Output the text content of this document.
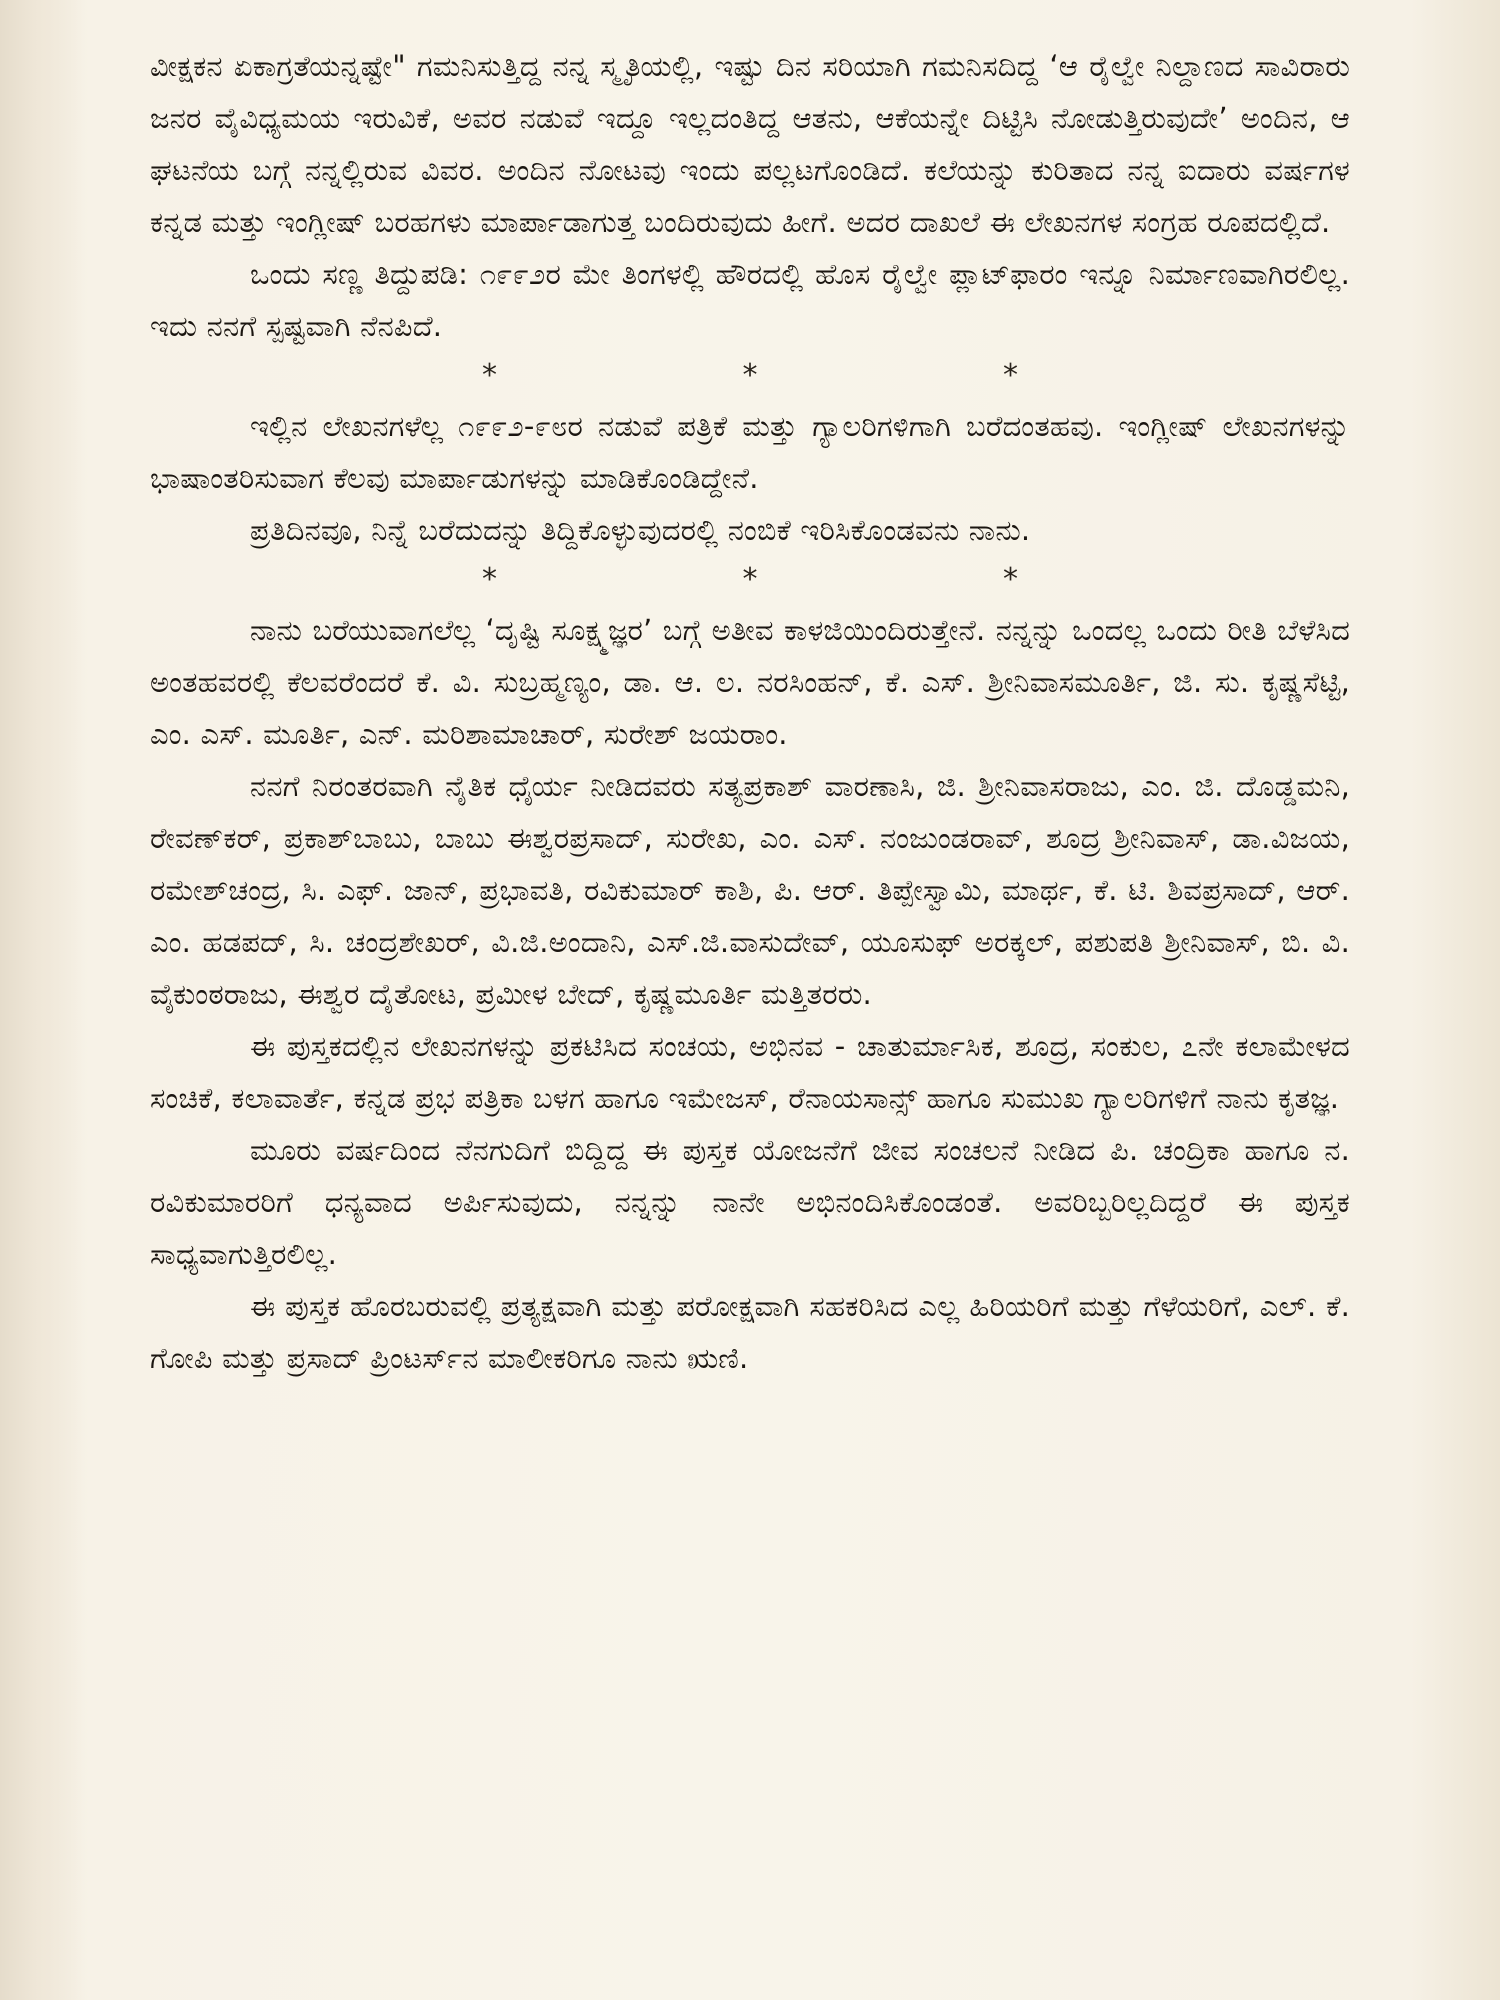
ವೀಕ್ಷಕನ ಏಕಾಗ್ರತೆಯನ್ನಷ್ಟೇ" ಗಮನಿಸುತ್ತಿದ್ದ ನನ್ನ ಸ್ಮೃತಿಯಲ್ಲಿ, ಇಷ್ಟು ದಿನ ಸರಿಯಾಗಿ ಗಮನಿಸದಿದ್ದ ‘ಆ ರೈಲ್ವೇ ನಿಲ್ದಾಣದ ಸಾವಿರಾರು ಜನರ ವೈವಿಧ್ಯಮಯ ಇರುವಿಕೆ, ಅವರ ನಡುವೆ ಇದ್ದೂ ಇಲ್ಲದಂತಿದ್ದ ಆತನು, ಆಕೆಯನ್ನೇ ದಿಟ್ಟಿಸಿ ನೋಡುತ್ತಿರುವುದೇ’ ಅಂದಿನ, ಆ ಘಟನೆಯ ಬಗ್ಗೆ ನನ್ನಲ್ಲಿರುವ ವಿವರ. ಅಂದಿನ ನೋಟವು ಇಂದು ಪಲ್ಲಟಗೊಂಡಿದೆ. ಕಲೆಯನ್ನು ಕುರಿತಾದ ನನ್ನ ಐದಾರು ವರ್ಷಗಳ ಕನ್ನಡ ಮತ್ತು ಇಂಗ್ಲೀಷ್ ಬರಹಗಳು ಮಾರ್ಪಾಡಾಗುತ್ತ ಬಂದಿರುವುದು ಹೀಗೆ. ಅದರ ದಾಖಲೆ ಈ ಲೇಖನಗಳ ಸಂಗ್ರಹ ರೂಪದಲ್ಲಿದೆ.

ಒಂದು ಸಣ್ಣ ತಿದ್ದುಪಡಿ: ೧೯೯೨ರ ಮೇ ತಿಂಗಳಲ್ಲಿ ಹೌರದಲ್ಲಿ ಹೊಸ ರೈಲ್ವೇ ಪ್ಲಾಟ್‌ಫಾರಂ ಇನ್ನೂ ನಿರ್ಮಾಣವಾಗಿರಲಿಲ್ಲ. ಇದು ನನಗೆ ಸ್ಪಷ್ಟವಾಗಿ ನೆನಪಿದೆ.

* * *

ಇಲ್ಲಿನ ಲೇಖನಗಳೆಲ್ಲ ೧೯೯೨-೯೮ರ ನಡುವೆ ಪತ್ರಿಕೆ ಮತ್ತು ಗ್ಯಾಲರಿಗಳಿಗಾಗಿ ಬರೆದಂತಹವು. ಇಂಗ್ಲೀಷ್ ಲೇಖನಗಳನ್ನು ಭಾಷಾಂತರಿಸುವಾಗ ಕೆಲವು ಮಾರ್ಪಾಡುಗಳನ್ನು ಮಾಡಿಕೊಂಡಿದ್ದೇನೆ.

ಪ್ರತಿದಿನವೂ, ನಿನ್ನೆ ಬರೆದುದನ್ನು ತಿದ್ದಿಕೊಳ್ಳುವುದರಲ್ಲಿ ನಂಬಿಕೆ ಇರಿಸಿಕೊಂಡವನು ನಾನು.

* * *

ನಾನು ಬರೆಯುವಾಗಲೆಲ್ಲ ‘ದೃಷ್ಟಿ ಸೂಕ್ಷ್ಮಜ್ಞರ’ ಬಗ್ಗೆ ಅತೀವ ಕಾಳಜಿಯಿಂದಿರುತ್ತೇನೆ. ನನ್ನನ್ನು ಒಂದಲ್ಲ ಒಂದು ರೀತಿ ಬೆಳೆಸಿದ ಅಂತಹವರಲ್ಲಿ ಕೆಲವರೆಂದರೆ ಕೆ. ವಿ. ಸುಬ್ರಹ್ಮಣ್ಯಂ, ಡಾ. ಆ. ಲ. ನರಸಿಂಹನ್, ಕೆ. ಎಸ್. ಶ್ರೀನಿವಾಸಮೂರ್ತಿ, ಜಿ. ಸು. ಕೃಷ್ಣಸೆಟ್ಟಿ, ಎಂ. ಎಸ್. ಮೂರ್ತಿ, ಎನ್. ಮರಿಶಾಮಾಚಾರ್, ಸುರೇಶ್ ಜಯರಾಂ.

ನನಗೆ ನಿರಂತರವಾಗಿ ನೈತಿಕ ಧೈರ್ಯ ನೀಡಿದವರು ಸತ್ಯಪ್ರಕಾಶ್ ವಾರಣಾಸಿ, ಜಿ. ಶ್ರೀನಿವಾಸರಾಜು, ಎಂ. ಜಿ. ದೊಡ್ಡಮನಿ, ರೇವಣ್‌ಕರ್, ಪ್ರಕಾಶ್‌ಬಾಬು, ಬಾಬು ಈಶ್ವರಪ್ರಸಾದ್, ಸುರೇಖ, ಎಂ. ಎಸ್. ನಂಜುಂಡರಾವ್, ಶೂದ್ರ ಶ್ರೀನಿವಾಸ್, ಡಾ.ವಿಜಯ, ರಮೇಶ್‌ಚಂದ್ರ, ಸಿ. ಎಫ್. ಜಾನ್, ಪ್ರಭಾವತಿ, ರವಿಕುಮಾರ್ ಕಾಶಿ, ಪಿ. ಆರ್. ತಿಪ್ಪೇಸ್ವಾಮಿ, ಮಾರ್ಥ, ಕೆ. ಟಿ. ಶಿವಪ್ರಸಾದ್, ಆರ್. ಎಂ. ಹಡಪದ್, ಸಿ. ಚಂದ್ರಶೇಖರ್, ವಿ.ಜಿ.ಅಂದಾನಿ, ಎಸ್.ಜಿ.ವಾಸುದೇವ್, ಯೂಸುಫ್ ಅರಕ್ಕಲ್, ಪಶುಪತಿ ಶ್ರೀನಿವಾಸ್, ಬಿ. ವಿ. ವೈಕುಂಠರಾಜು, ಈಶ್ವರ ದೈತೋಟ, ಪ್ರಮೀಳ ಬೇದ್, ಕೃಷ್ಣಮೂರ್ತಿ ಮತ್ತಿತರರು.

ಈ ಪುಸ್ತಕದಲ್ಲಿನ ಲೇಖನಗಳನ್ನು ಪ್ರಕಟಿಸಿದ ಸಂಚಯ, ಅಭಿನವ - ಚಾತುರ್ಮಾಸಿಕ, ಶೂದ್ರ, ಸಂಕುಲ, ೭ನೇ ಕಲಾಮೇಳದ ಸಂಚಿಕೆ, ಕಲಾವಾರ್ತೆ, ಕನ್ನಡ ಪ್ರಭ ಪತ್ರಿಕಾ ಬಳಗ ಹಾಗೂ ಇಮೇಜಸ್, ರೆನಾಯಸಾನ್ಸ್ ಹಾಗೂ ಸುಮುಖ ಗ್ಯಾಲರಿಗಳಿಗೆ ನಾನು ಕೃತಜ್ಞ.

ಮೂರು ವರ್ಷದಿಂದ ನೆನಗುದಿಗೆ ಬಿದ್ದಿದ್ದ ಈ ಪುಸ್ತಕ ಯೋಜನೆಗೆ ಜೀವ ಸಂಚಲನೆ ನೀಡಿದ ಪಿ. ಚಂದ್ರಿಕಾ ಹಾಗೂ ನ. ರವಿಕುಮಾರರಿಗೆ ಧನ್ಯವಾದ ಅರ್ಪಿಸುವುದು, ನನ್ನನ್ನು ನಾನೇ ಅಭಿನಂದಿಸಿಕೊಂಡಂತೆ. ಅವರಿಬ್ಬರಿಲ್ಲದಿದ್ದರೆ ಈ ಪುಸ್ತಕ ಸಾಧ್ಯವಾಗುತ್ತಿರಲಿಲ್ಲ.

ಈ ಪುಸ್ತಕ ಹೊರಬರುವಲ್ಲಿ ಪ್ರತ್ಯಕ್ಷವಾಗಿ ಮತ್ತು ಪರೋಕ್ಷವಾಗಿ ಸಹಕರಿಸಿದ ಎಲ್ಲ ಹಿರಿಯರಿಗೆ ಮತ್ತು ಗೆಳೆಯರಿಗೆ, ಎಲ್. ಕೆ. ಗೋಪಿ ಮತ್ತು ಪ್ರಸಾದ್ ಪ್ರಿಂಟರ್ಸ್‌ನ ಮಾಲೀಕರಿಗೂ ನಾನು ಋಣಿ.
